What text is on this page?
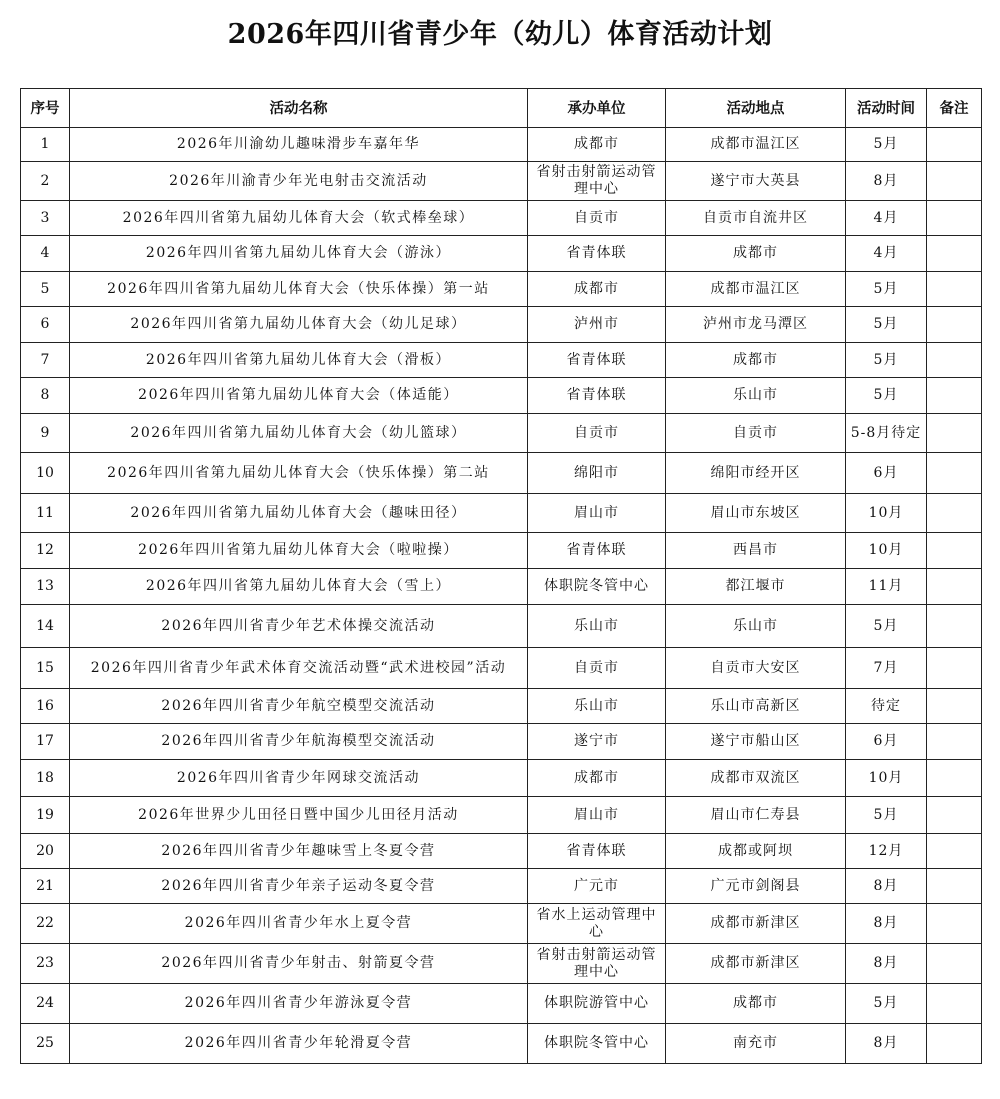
2026年四川省青少年（幼儿）体育活动计划
序号	活动名称	承办单位	活动地点	活动时间	备注
1	2026年川渝幼儿趣味滑步车嘉年华	成都市	成都市温江区	5月	
2	2026年川渝青少年光电射击交流活动	省射击射箭运动管理中心	遂宁市大英县	8月	
3	2026年四川省第九届幼儿体育大会（软式棒垒球）	自贡市	自贡市自流井区	4月	
4	2026年四川省第九届幼儿体育大会（游泳）	省青体联	成都市	4月	
5	2026年四川省第九届幼儿体育大会（快乐体操）第一站	成都市	成都市温江区	5月	
6	2026年四川省第九届幼儿体育大会（幼儿足球）	泸州市	泸州市龙马潭区	5月	
7	2026年四川省第九届幼儿体育大会（滑板）	省青体联	成都市	5月	
8	2026年四川省第九届幼儿体育大会（体适能）	省青体联	乐山市	5月	
9	2026年四川省第九届幼儿体育大会（幼儿篮球）	自贡市	自贡市	5-8月待定	
10	2026年四川省第九届幼儿体育大会（快乐体操）第二站	绵阳市	绵阳市经开区	6月	
11	2026年四川省第九届幼儿体育大会（趣味田径）	眉山市	眉山市东坡区	10月	
12	2026年四川省第九届幼儿体育大会（啦啦操）	省青体联	西昌市	10月	
13	2026年四川省第九届幼儿体育大会（雪上）	体职院冬管中心	都江堰市	11月	
14	2026年四川省青少年艺术体操交流活动	乐山市	乐山市	5月	
15	2026年四川省青少年武术体育交流活动暨“武术进校园”活动	自贡市	自贡市大安区	7月	
16	2026年四川省青少年航空模型交流活动	乐山市	乐山市高新区	待定	
17	2026年四川省青少年航海模型交流活动	遂宁市	遂宁市船山区	6月	
18	2026年四川省青少年网球交流活动	成都市	成都市双流区	10月	
19	2026年世界少儿田径日暨中国少儿田径月活动	眉山市	眉山市仁寿县	5月	
20	2026年四川省青少年趣味雪上冬夏令营	省青体联	成都或阿坝	12月	
21	2026年四川省青少年亲子运动冬夏令营	广元市	广元市剑阁县	8月	
22	2026年四川省青少年水上夏令营	省水上运动管理中心	成都市新津区	8月	
23	2026年四川省青少年射击、射箭夏令营	省射击射箭运动管理中心	成都市新津区	8月	
24	2026年四川省青少年游泳夏令营	体职院游管中心	成都市	5月	
25	2026年四川省青少年轮滑夏令营	体职院冬管中心	南充市	8月	
